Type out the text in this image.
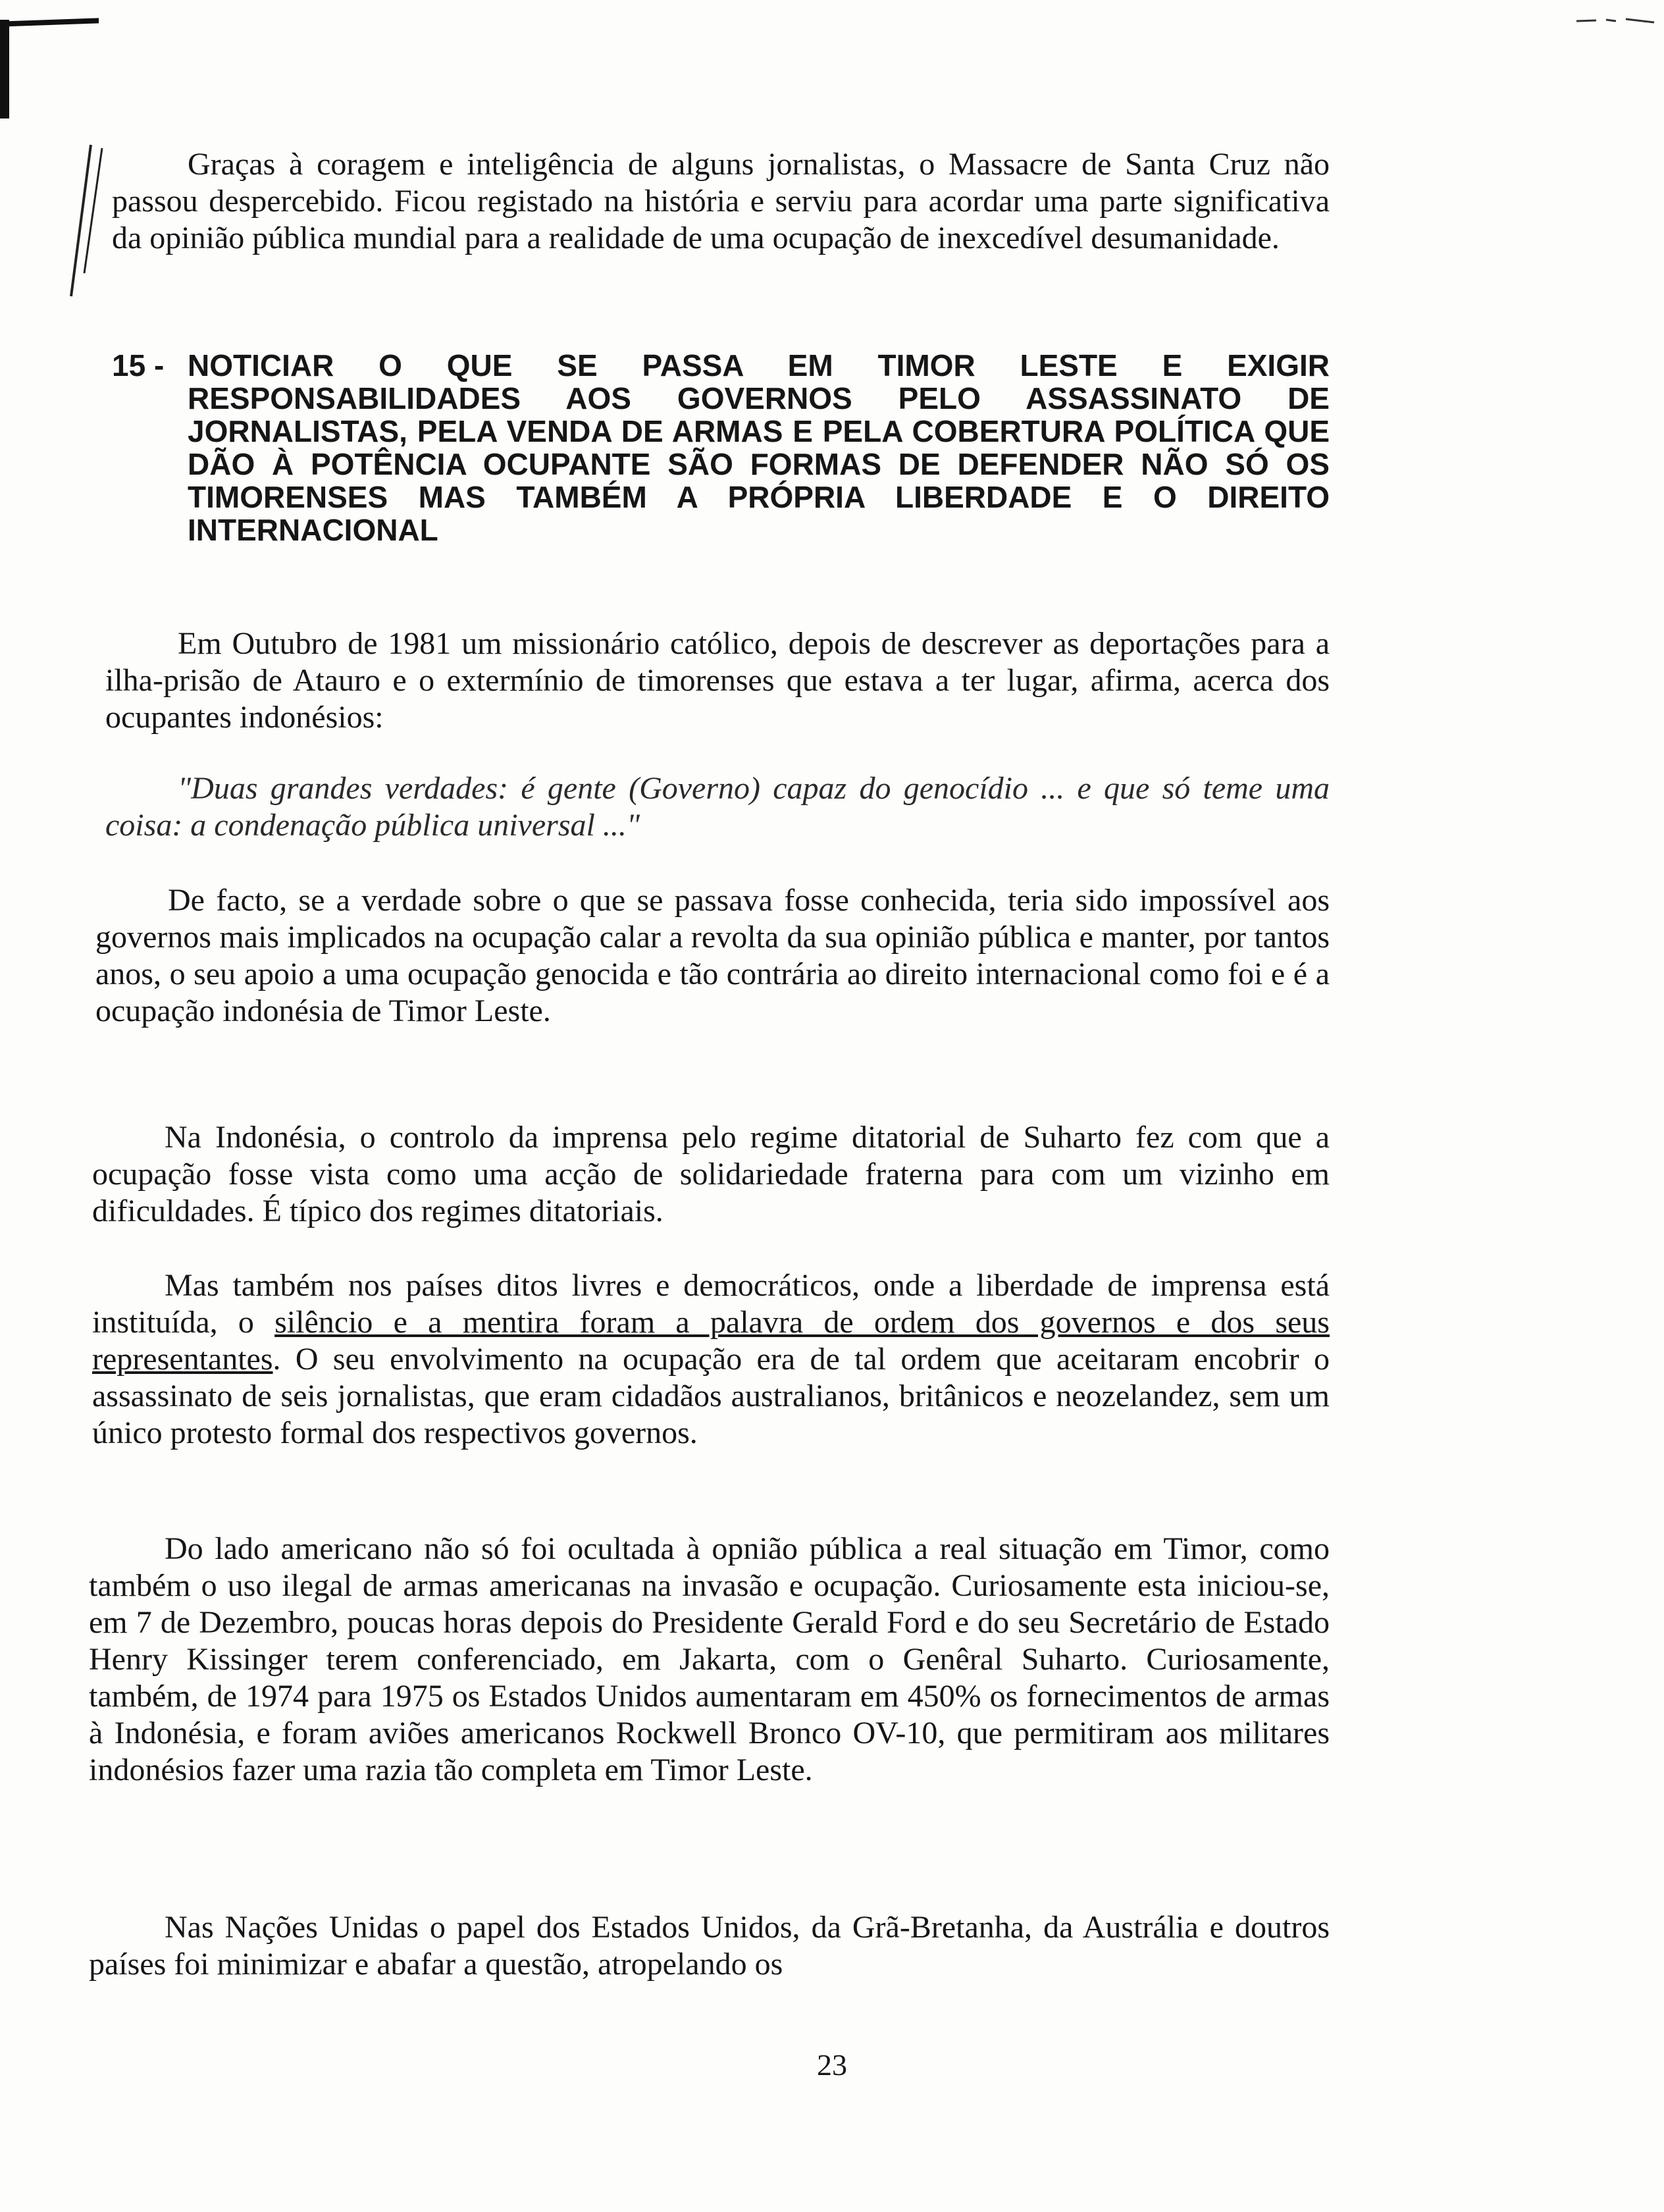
Graças à coragem e inteligência de alguns jornalistas, o Massacre de Santa Cruz não passou despercebido. Ficou registado na história e serviu para acordar uma parte significativa da opinião pública mundial para a realidade de uma ocupação de inexcedível desumanidade.

15 - NOTICIAR O QUE SE PASSA EM TIMOR LESTE E EXIGIR RESPONSABILIDADES AOS GOVERNOS PELO ASSASSINATO DE JORNALISTAS, PELA VENDA DE ARMAS E PELA COBERTURA POLÍTICA QUE DÃO À POTÊNCIA OCUPANTE SÃO FORMAS DE DEFENDER NÃO SÓ OS TIMORENSES MAS TAMBÉM A PRÓPRIA LIBERDADE E O DIREITO INTERNACIONAL

Em Outubro de 1981 um missionário católico, depois de descrever as deportações para a ilha-prisão de Atauro e o extermínio de timorenses que estava a ter lugar, afirma, acerca dos ocupantes indonésios:

"Duas grandes verdades: é gente (Governo) capaz do genocídio ... e que só teme uma coisa: a condenação pública universal ..."

De facto, se a verdade sobre o que se passava fosse conhecida, teria sido impossível aos governos mais implicados na ocupação calar a revolta da sua opinião pública e manter, por tantos anos, o seu apoio a uma ocupação genocida e tão contrária ao direito internacional como foi e é a ocupação indonésia de Timor Leste.

Na Indonésia, o controlo da imprensa pelo regime ditatorial de Suharto fez com que a ocupação fosse vista como uma acção de solidariedade fraterna para com um vizinho em dificuldades. É típico dos regimes ditatoriais.

Mas também nos países ditos livres e democráticos, onde a liberdade de imprensa está instituída, o silêncio e a mentira foram a palavra de ordem dos governos e dos seus representantes. O seu envolvimento na ocupação era de tal ordem que aceitaram encobrir o assassinato de seis jornalistas, que eram cidadãos australianos, britânicos e neozelandez, sem um único protesto formal dos respectivos governos.

Do lado americano não só foi ocultada à opnião pública a real situação em Timor, como também o uso ilegal de armas americanas na invasão e ocupação. Curiosamente esta iniciou-se, em 7 de Dezembro, poucas horas depois do Presidente Gerald Ford e do seu Secretário de Estado Henry Kissinger terem conferenciado, em Jakarta, com o Genêral Suharto. Curiosamente, também, de 1974 para 1975 os Estados Unidos aumentaram em 450% os fornecimentos de armas à Indonésia, e foram aviões americanos Rockwell Bronco OV-10, que permitiram aos militares indonésios fazer uma razia tão completa em Timor Leste.

Nas Nações Unidas o papel dos Estados Unidos, da Grã-Bretanha, da Austrália e doutros países foi minimizar e abafar a questão, atropelando os

23
